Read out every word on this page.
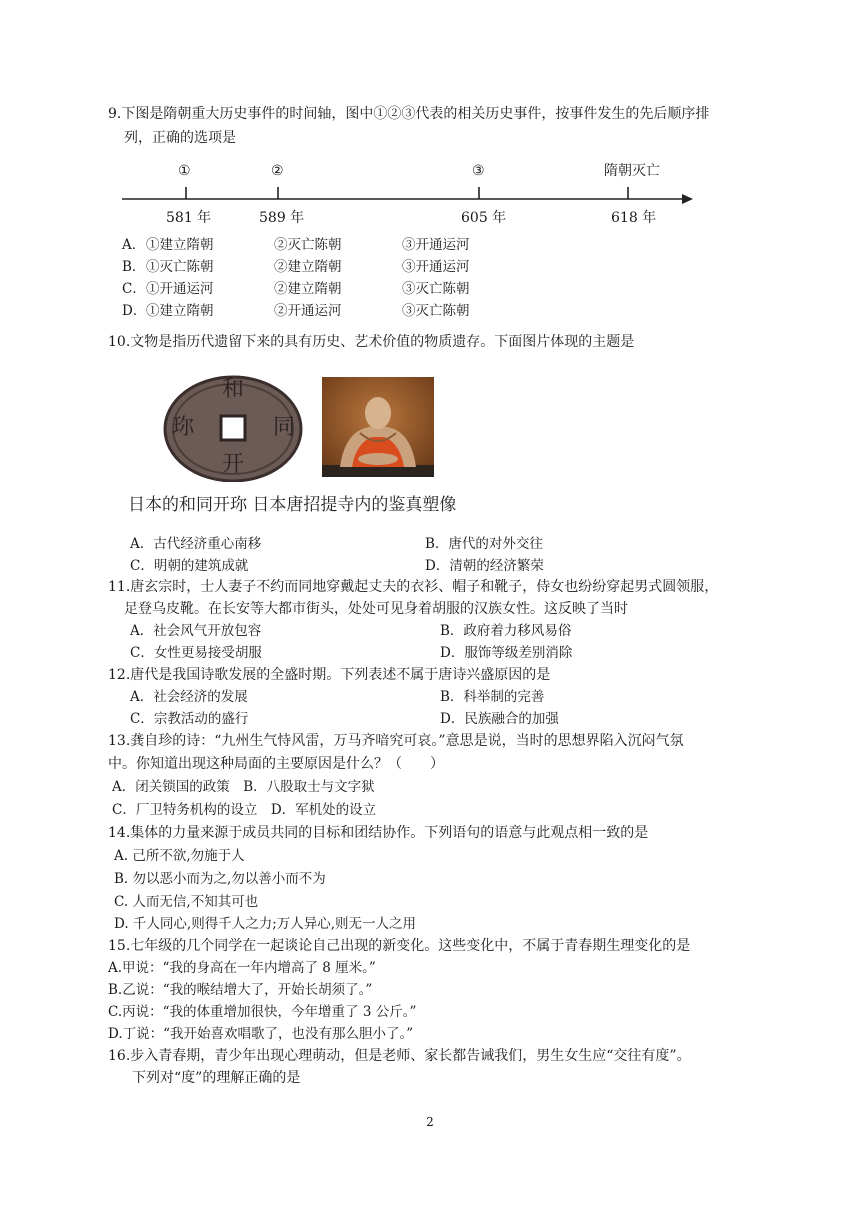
9.下图是隋朝重大历史事件的时间轴，图中①②③代表的相关历史事件，按事件发生的先后顺序排
列，正确的选项是
①	②	③	隋朝灭亡
581 年	589 年	605 年	618 年
A． ①建立隋朝	②灭亡陈朝	③开通运河
B． ①灭亡陈朝	②建立隋朝	③开通运河
C． ①开通运河	②建立隋朝	③灭亡陈朝
D． ①建立隋朝	②开通运河	③灭亡陈朝
10.文物是指历代遗留下来的具有历史、艺术价值的物质遗存。下面图片体现的主题是
和
同
开
珎
日本的和同开珎 日本唐招提寺内的鉴真塑像
A．古代经济重心南移	B．唐代的对外交往
C．明朝的建筑成就	D．清朝的经济繁荣
11.唐玄宗时，士人妻子不约而同地穿戴起丈夫的衣衫、帽子和靴子，侍女也纷纷穿起男式圆领服，
足登乌皮靴。在长安等大都市街头，处处可见身着胡服的汉族女性。这反映了当时
A．社会风气开放包容	B．政府着力移风易俗
C．女性更易接受胡服	D．服饰等级差别消除
12.唐代是我国诗歌发展的全盛时期。下列表述不属于唐诗兴盛原因的是
A．社会经济的发展	B．科举制的完善
C．宗教活动的盛行	D．民族融合的加强
13.龚自珍的诗：“九州生气恃风雷，万马齐喑究可哀。”意思是说，当时的思想界陷入沉闷气氛
中。你知道出现这种局面的主要原因是什么？（　　）
A．闭关锁国的政策　B．八股取士与文字狱
C．厂卫特务机构的设立　D．军机处的设立
14.集体的力量来源于成员共同的目标和团结协作。下列语句的语意与此观点相一致的是
A. 己所不欲,勿施于人
B. 勿以恶小而为之,勿以善小而不为
C. 人而无信,不知其可也
D. 千人同心,则得千人之力;万人异心,则无一人之用
15.七年级的几个同学在一起谈论自己出现的新变化。这些变化中，不属于青春期生理变化的是
A.甲说：“我的身高在一年内增高了 8 厘米。”
B.乙说：“我的喉结增大了，开始长胡须了。”
C.丙说：“我的体重增加很快，今年增重了 3 公斤。”
D.丁说：“我开始喜欢唱歌了，也没有那么胆小了。”
16.步入青春期，青少年出现心理萌动，但是老师、家长都告诫我们，男生女生应“交往有度”。
下列对“度”的理解正确的是
2
